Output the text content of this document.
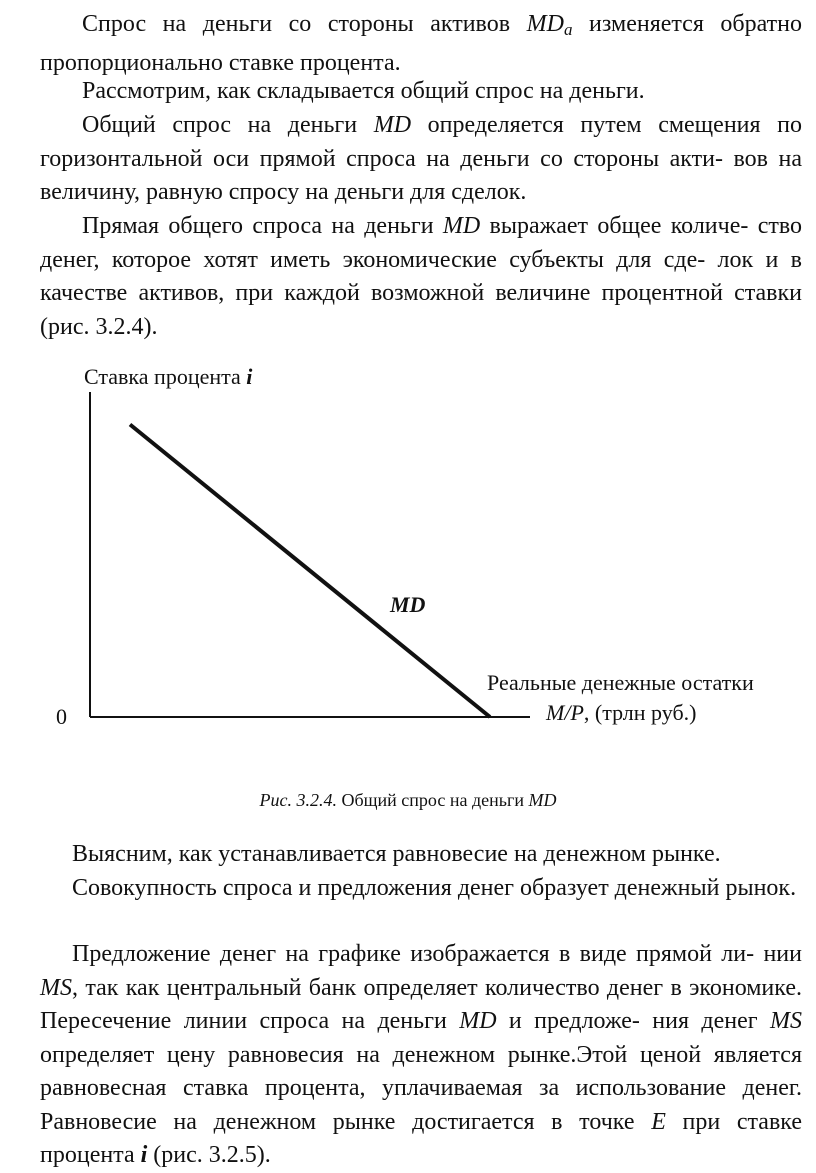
Спрос на деньги со стороны активов $MD_a$ изменяется обратно пропорционально ставке процента.

Рассмотрим, как складывается общий спрос на деньги.

Общий спрос на деньги MD определяется путем смещения по горизонтальной оси прямой спроса на деньги со стороны акти- вов на величину, равную спросу на деньги для сделок.

Прямая общего спроса на деньги MD выражает общее количе- ство денег, которое хотят иметь экономические субъекты для сде- лок и в качестве активов, при каждой возможной величине процентной ставки (рис. 3.2.4).

Ставка процента i
0
MD
Реальные денежные остатки
M/P, (трлн руб.)
Рис. 3.2.4. Общий спрос на деньги MD

Выясним, как устанавливается равновесие на денежном рынке.

Совокупность спроса и предложения денег образует денежный рынок.

Предложение денег на графике изображается в виде прямой ли- нии MS, так как центральный банк определяет количество денег в экономике. Пересечение линии спроса на деньги MD и предложе- ния денег MS определяет цену равновесия на денежном рынке.Этой ценой является равновесная ставка процента, уплачиваемая за использование денег. Равновесие на денежном рынке достигается в точке E при ставке процента i (рис. 3.2.5).
